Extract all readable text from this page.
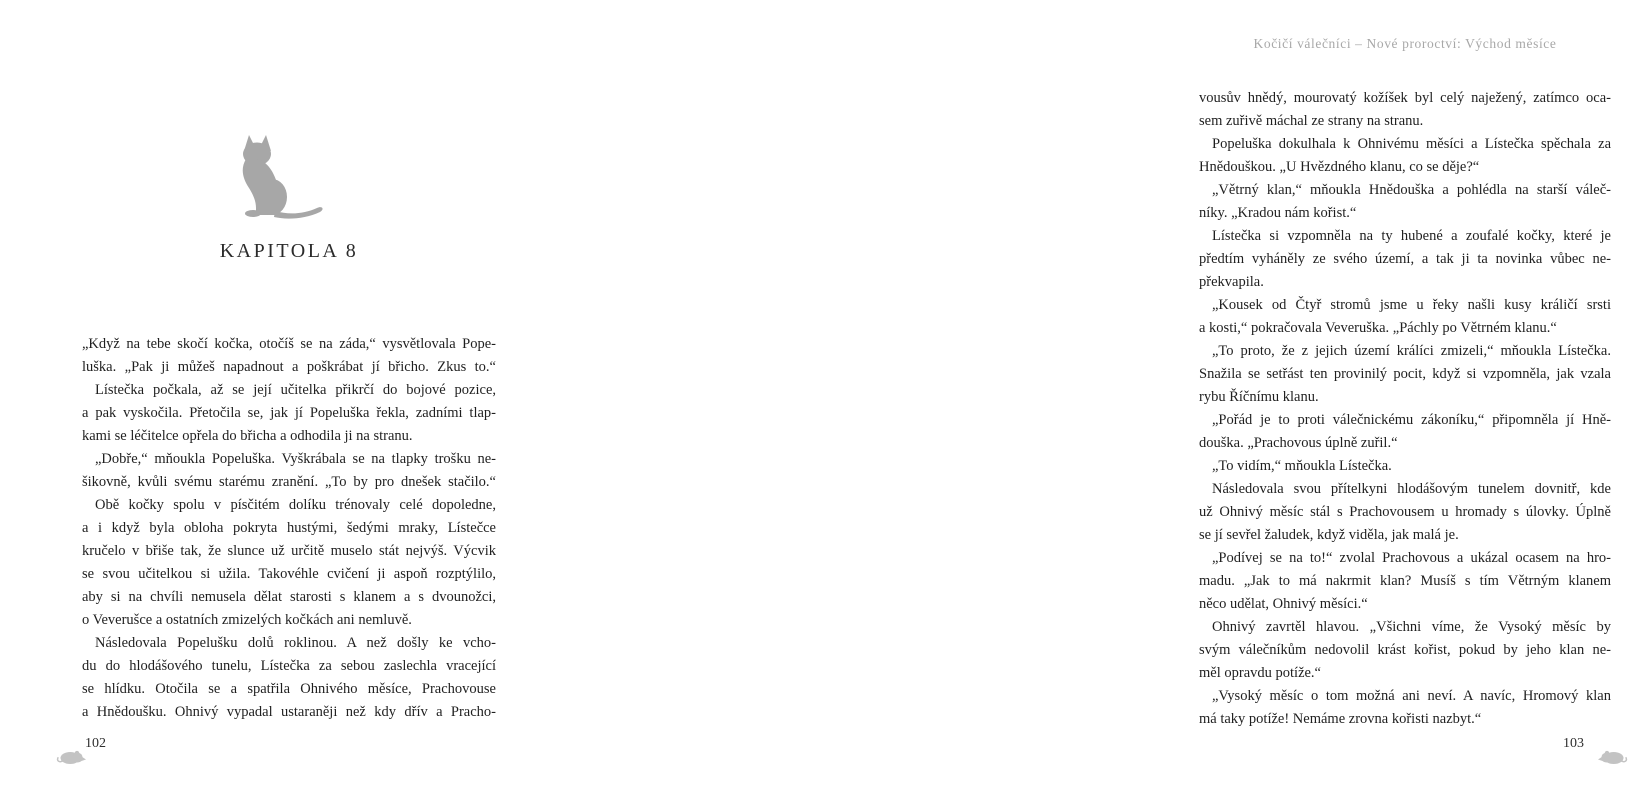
KAPITOLA 8
„Když na tebe skočí kočka, otočíš se na záda,“ vysvětlovala Pope-
luška. „Pak ji můžeš napadnout a poškrábat jí břicho. Zkus to.“
Lístečka počkala, až se její učitelka přikrčí do bojové pozice,
a pak vyskočila. Přetočila se, jak jí Popeluška řekla, zadními tlap-
kami se léčitelce opřela do břicha a odhodila ji na stranu.
„Dobře,“ mňoukla Popeluška. Vyškrábala se na tlapky trošku ne-
šikovně, kvůli svému starému zranění. „To by pro dnešek stačilo.“
Obě kočky spolu v písčitém dolíku trénovaly celé dopoledne,
a i když byla obloha pokryta hustými, šedými mraky, Lístečce
kručelo v břiše tak, že slunce už určitě muselo stát nejvýš. Výcvik
se svou učitelkou si užila. Takovéhle cvičení ji aspoň rozptýlilo,
aby si na chvíli nemusela dělat starosti s klanem a s dvounožci,
o Veverušce a ostatních zmizelých kočkách ani nemluvě.
Následovala Popelušku dolů roklinou. A než došly ke vcho-
du do hlodášového tunelu, Lístečka za sebou zaslechla vracející
se hlídku. Otočila se a spatřila Ohnivého měsíce, Prachovouse
a Hnědoušku. Ohnivý vypadal ustaraněji než kdy dřív a Pracho-
102
Kočičí válečníci – Nové proroctví: Východ měsíce
vousův hnědý, mourovatý kožíšek byl celý naježený, zatímco oca-
sem zuřivě máchal ze strany na stranu.
Popeluška dokulhala k Ohnivému měsíci a Lístečka spěchala za
Hnědouškou. „U Hvězdného klanu, co se děje?“
„Větrný klan,“ mňoukla Hnědouška a pohlédla na starší váleč-
níky. „Kradou nám kořist.“
Lístečka si vzpomněla na ty hubené a zoufalé kočky, které je
předtím vyháněly ze svého území, a tak ji ta novinka vůbec ne-
překvapila.
„Kousek od Čtyř stromů jsme u řeky našli kusy králičí srsti
a kosti,“ pokračovala Veveruška. „Páchly po Větrném klanu.“
„To proto, že z jejich území králíci zmizeli,“ mňoukla Lístečka.
Snažila se setřást ten provinilý pocit, když si vzpomněla, jak vzala
rybu Říčnímu klanu.
„Pořád je to proti válečnickému zákoníku,“ připomněla jí Hně-
douška. „Prachovous úplně zuřil.“
„To vidím,“ mňoukla Lístečka.
Následovala svou přítelkyni hlodášovým tunelem dovnitř, kde
už Ohnivý měsíc stál s Prachovousem u hromady s úlovky. Úplně
se jí sevřel žaludek, když viděla, jak malá je.
„Podívej se na to!“ zvolal Prachovous a ukázal ocasem na hro-
madu. „Jak to má nakrmit klan? Musíš s tím Větrným klanem
něco udělat, Ohnivý měsíci.“
Ohnivý zavrtěl hlavou. „Všichni víme, že Vysoký měsíc by
svým válečníkům nedovolil krást kořist, pokud by jeho klan ne-
měl opravdu potíže.“
„Vysoký měsíc o tom možná ani neví. A navíc, Hromový klan
má taky potíže! Nemáme zrovna kořisti nazbyt.“
103
